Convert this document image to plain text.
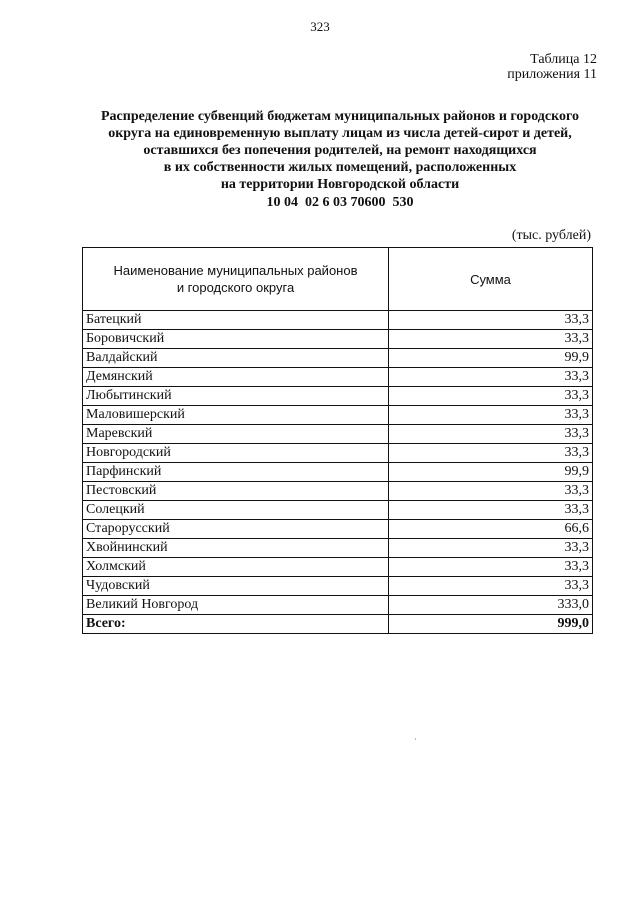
323
Таблица 12
приложения 11
Распределение субвенций бюджетам муниципальных районов и городского
округа на единовременную выплату лицам из числа детей-сирот и детей,
оставшихся без попечения родителей, на ремонт находящихся
в их собственности жилых помещений, расположенных
на территории Новгородской области
10 04  02 6 03 70600  530
(тыс. рублей)
Наименование муниципальных районов
и городского округа	Сумма
Батецкий	33,3
Боровичский	33,3
Валдайский	99,9
Демянский	33,3
Любытинский	33,3
Маловишерский	33,3
Маревский	33,3
Новгородский	33,3
Парфинский	99,9
Пестовский	33,3
Солецкий	33,3
Старорусский	66,6
Хвойнинский	33,3
Холмский	33,3
Чудовский	33,3
Великий Новгород	333,0
Всего:	999,0
